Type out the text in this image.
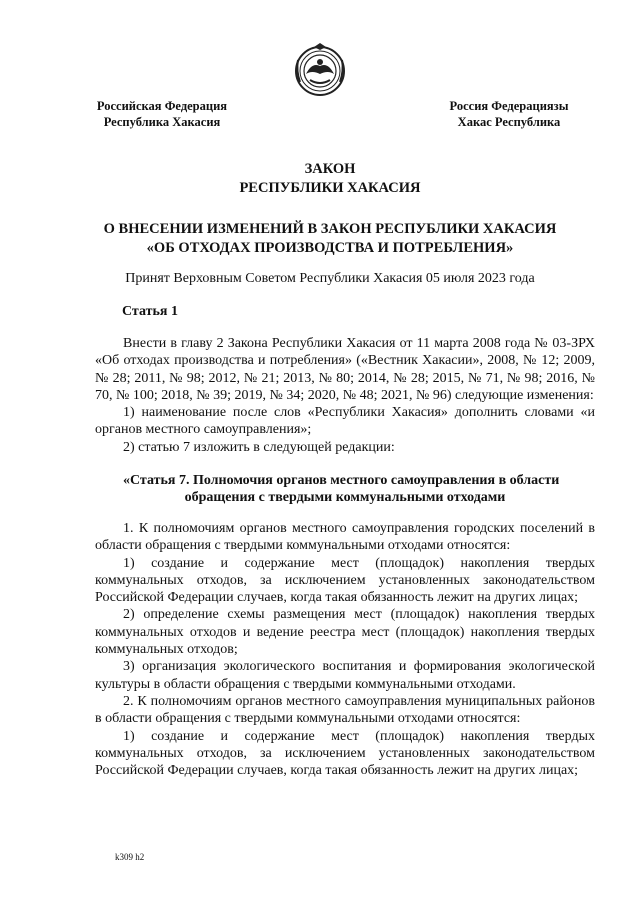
Российская Федерация
Республика Хакасия
Россия Федерациязы
Хакас Республика
ЗАКОН
РЕСПУБЛИКИ ХАКАСИЯ
О ВНЕСЕНИИ ИЗМЕНЕНИЙ В ЗАКОН РЕСПУБЛИКИ ХАКАСИЯ
«ОБ ОТХОДАХ ПРОИЗВОДСТВА И ПОТРЕБЛЕНИЯ»
Принят Верховным Советом Республики Хакасия 05 июля 2023 года
Статья 1

Внести в главу 2 Закона Республики Хакасия от 11 марта 2008 года № 03-ЗРХ «Об отходах производства и потребления» («Вестник Хакасии», 2008, № 12; 2009, № 28; 2011, № 98; 2012, № 21; 2013, № 80; 2014, № 28; 2015, № 71, № 98; 2016, № 70, № 100; 2018, № 39; 2019, № 34; 2020, № 48; 2021, № 96) следующие изменения:

1) наименование после слов «Республики Хакасия» дополнить словами «и органов местного самоуправления»;

2) статью 7 изложить в следующей редакции:

«Статья 7. Полномочия органов местного самоуправления в области
обращения с твердыми коммунальными отходами

1. К полномочиям органов местного самоуправления городских поселений в области обращения с твердыми коммунальными отходами относятся:

1) создание и содержание мест (площадок) накопления твердых коммунальных отходов, за исключением установленных законодательством Российской Федерации случаев, когда такая обязанность лежит на других лицах;

2) определение схемы размещения мест (площадок) накопления твердых коммунальных отходов и ведение реестра мест (площадок) накопления твердых коммунальных отходов;

3) организация экологического воспитания и формирования экологической культуры в области обращения с твердыми коммунальными отходами.

2. К полномочиям органов местного самоуправления муниципальных районов в области обращения с твердыми коммунальными отходами относятся:

1) создание и содержание мест (площадок) накопления твердых коммунальных отходов, за исключением установленных законодательством Российской Федерации случаев, когда такая обязанность лежит на других лицах;

k309 h2
